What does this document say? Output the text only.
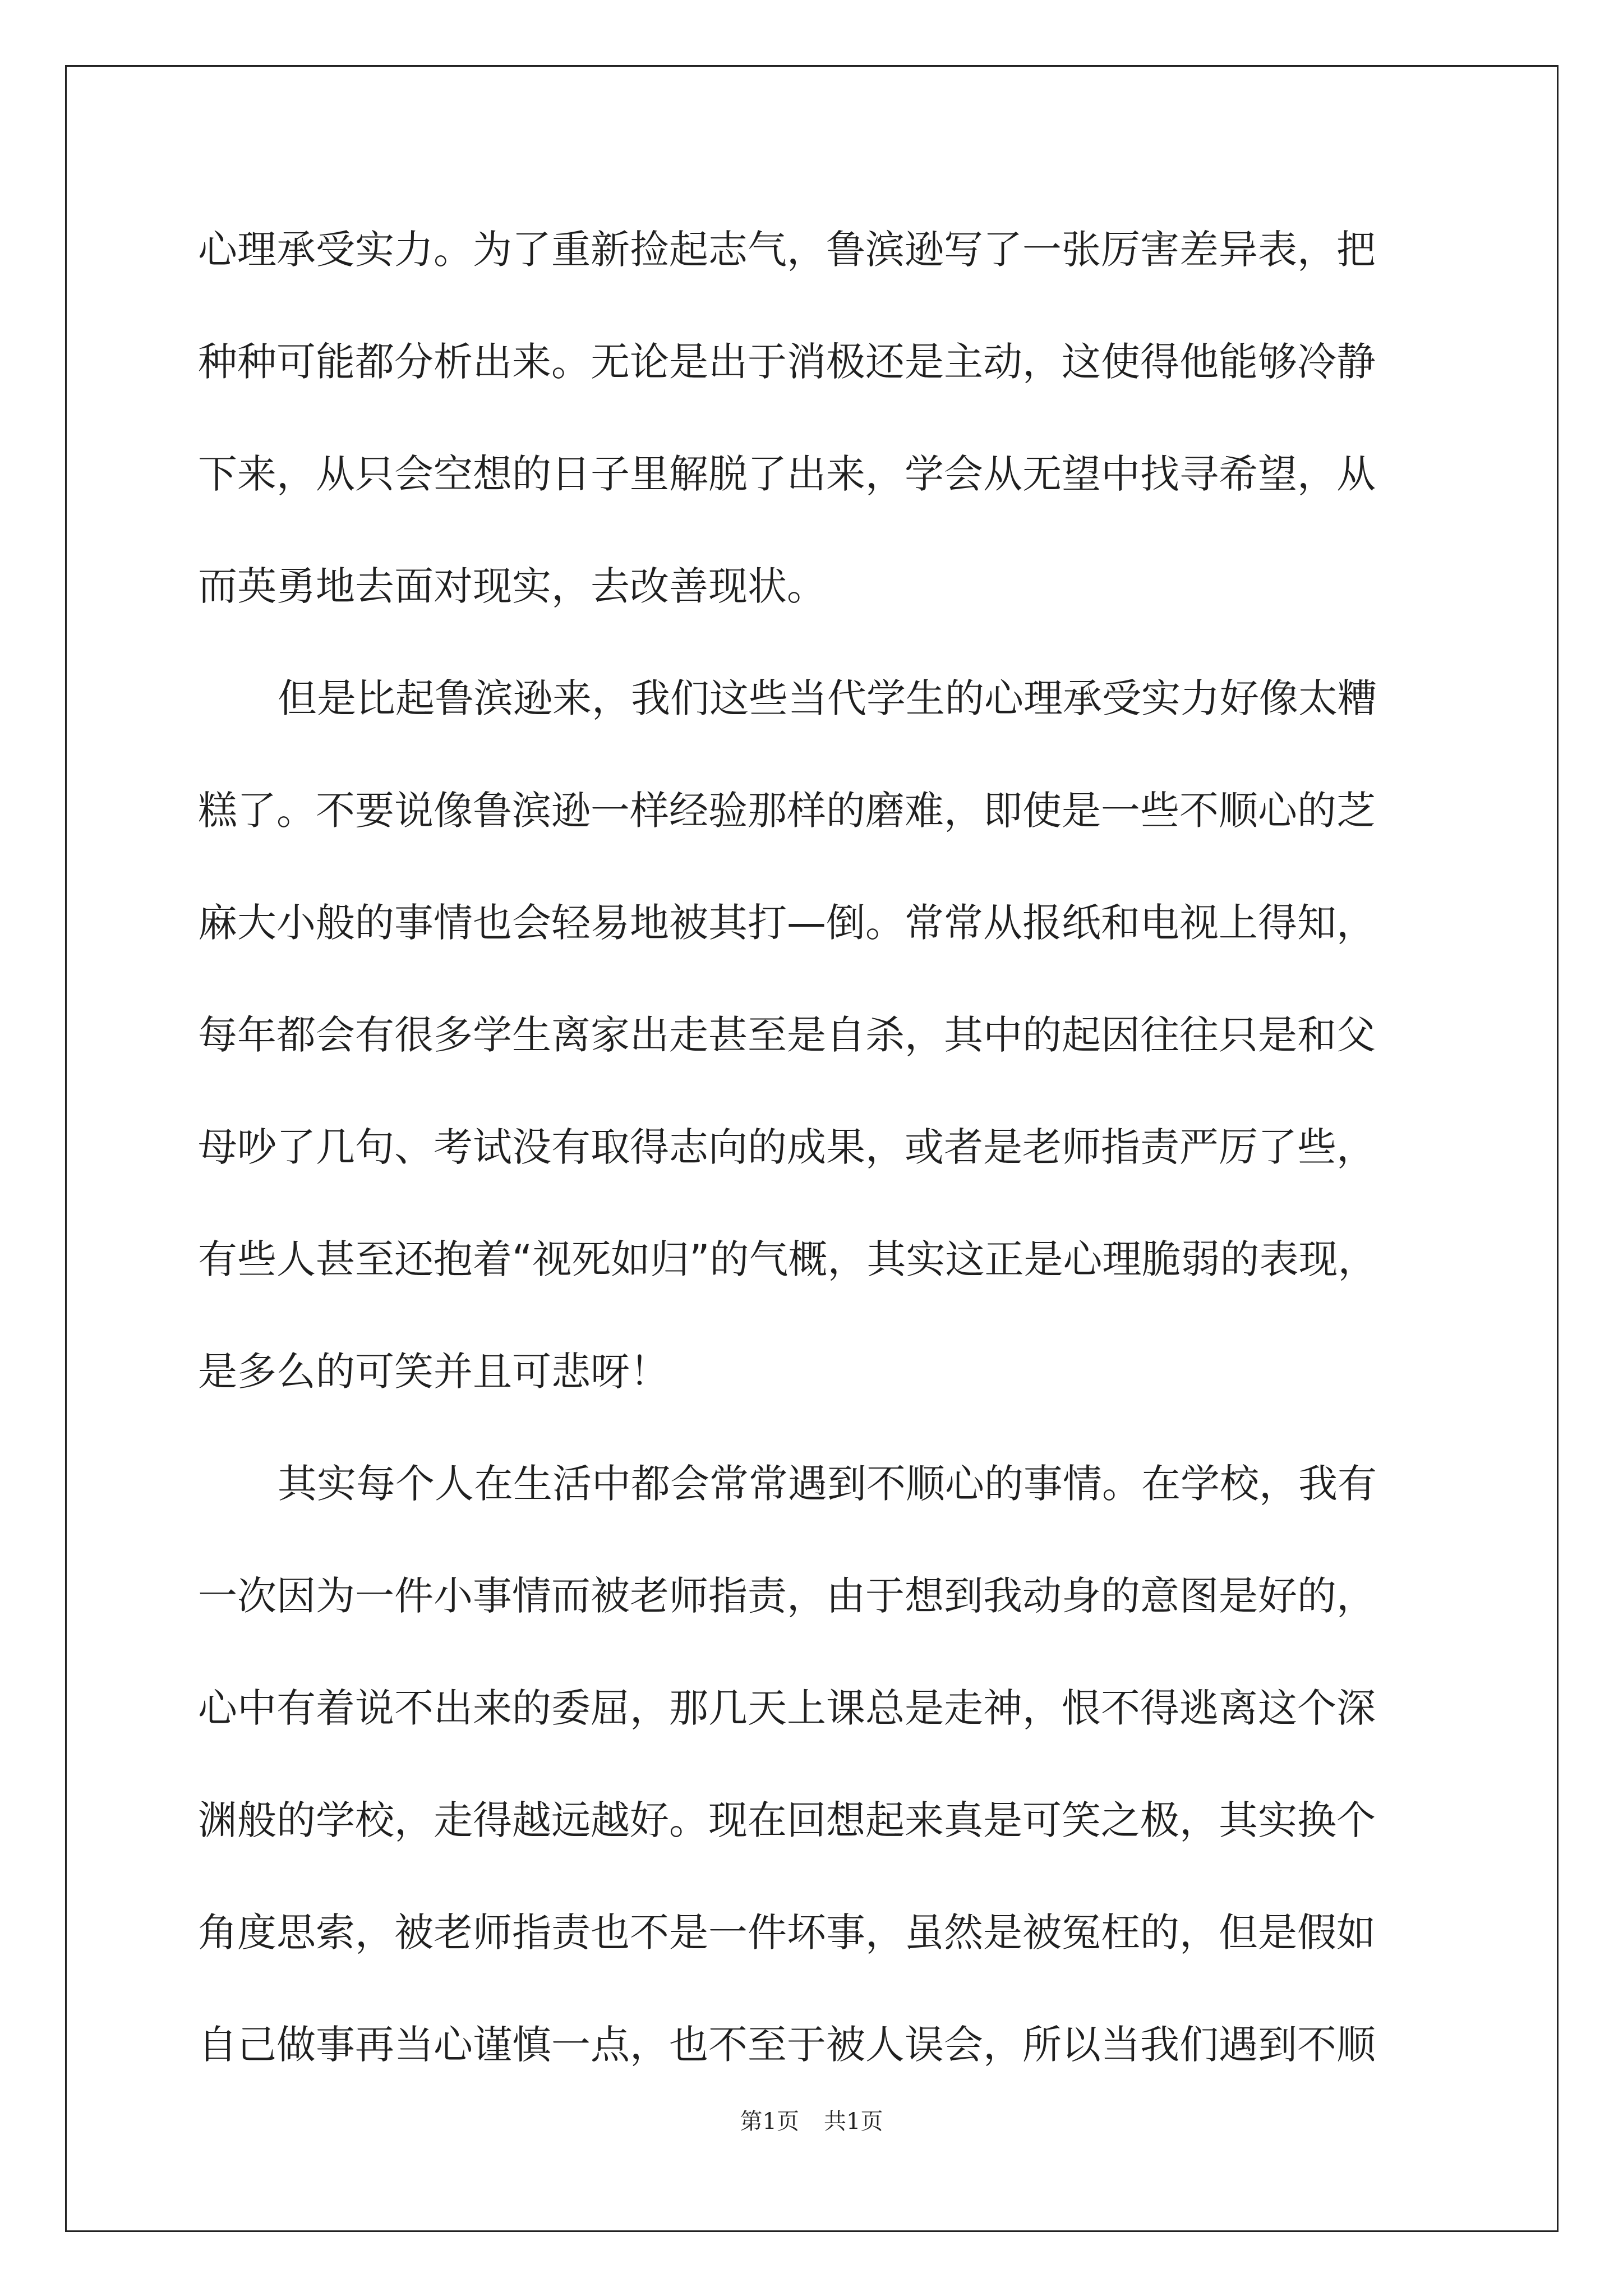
心理承受实力。为了重新捡起志气，鲁滨逊写了一张厉害差异表，把
种种可能都分析出来。无论是出于消极还是主动，这使得他能够冷静
下来，从只会空想的日子里解脱了出来，学会从无望中找寻希望，从
而英勇地去面对现实，去改善现状。
但是比起鲁滨逊来，我们这些当代学生的心理承受实力好像太糟
糕了。不要说像鲁滨逊一样经验那样的磨难，即使是一些不顺心的芝
麻大小般的事情也会轻易地被其打—倒。常常从报纸和电视上得知，
每年都会有很多学生离家出走甚至是自杀，其中的起因往往只是和父
母吵了几句、考试没有取得志向的成果，或者是老师指责严厉了些，
有些人甚至还抱着“视死如归”的气概，其实这正是心理脆弱的表现，
是多么的可笑并且可悲呀！
其实每个人在生活中都会常常遇到不顺心的事情。在学校，我有
一次因为一件小事情而被老师指责，由于想到我动身的意图是好的，
心中有着说不出来的委屈，那几天上课总是走神，恨不得逃离这个深
渊般的学校，走得越远越好。现在回想起来真是可笑之极，其实换个
角度思索，被老师指责也不是一件坏事，虽然是被冤枉的，但是假如
自己做事再当心谨慎一点，也不至于被人误会，所以当我们遇到不顺
第1页 共1页
